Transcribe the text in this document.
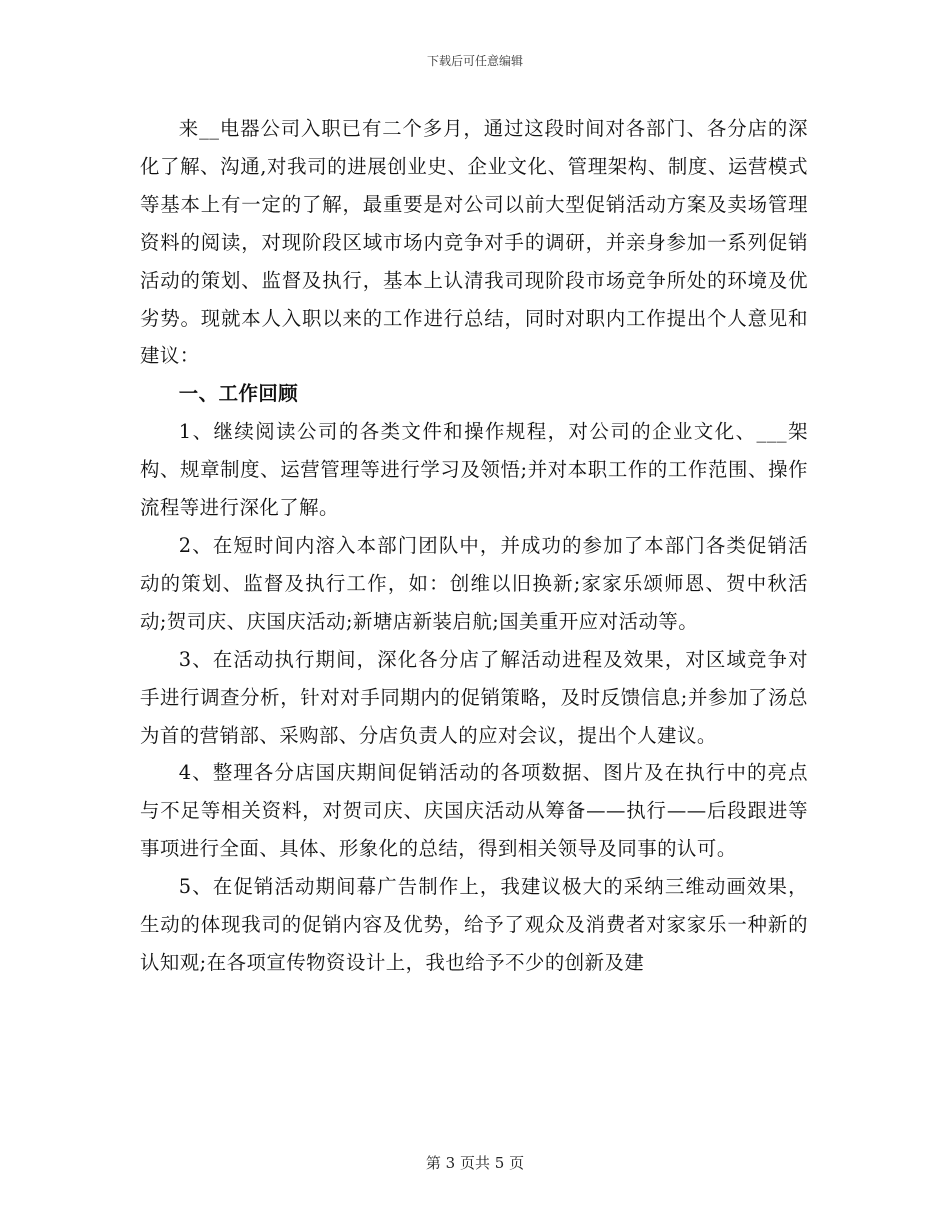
下载后可任意编辑

来__电器公司入职已有二个多月，通过这段时间对各部门、各分店的深化了解、沟通,对我司的进展创业史、企业文化、管理架构、制度、运营模式等基本上有一定的了解，最重要是对公司以前大型促销活动方案及卖场管理资料的阅读，对现阶段区域市场内竞争对手的调研，并亲身参加一系列促销活动的策划、监督及执行，基本上认清我司现阶段市场竞争所处的环境及优劣势。现就本人入职以来的工作进行总结，同时对职内工作提出个人意见和建议：

一、工作回顾

1、继续阅读公司的各类文件和操作规程，对公司的企业文化、___架构、规章制度、运营管理等进行学习及领悟;并对本职工作的工作范围、操作流程等进行深化了解。

2、在短时间内溶入本部门团队中，并成功的参加了本部门各类促销活动的策划、监督及执行工作，如：创维以旧换新;家家乐颂师恩、贺中秋活动;贺司庆、庆国庆活动;新塘店新装启航;国美重开应对活动等。

3、在活动执行期间，深化各分店了解活动进程及效果，对区域竞争对手进行调查分析，针对对手同期内的促销策略，及时反馈信息;并参加了汤总为首的营销部、采购部、分店负责人的应对会议，提出个人建议。

4、整理各分店国庆期间促销活动的各项数据、图片及在执行中的亮点与不足等相关资料，对贺司庆、庆国庆活动从筹备——执行——后段跟进等事项进行全面、具体、形象化的总结，得到相关领导及同事的认可。

5、在促销活动期间幕广告制作上，我建议极大的采纳三维动画效果，生动的体现我司的促销内容及优势，给予了观众及消费者对家家乐一种新的认知观;在各项宣传物资设计上，我也给予不少的创新及建

第 3 页共 5 页
